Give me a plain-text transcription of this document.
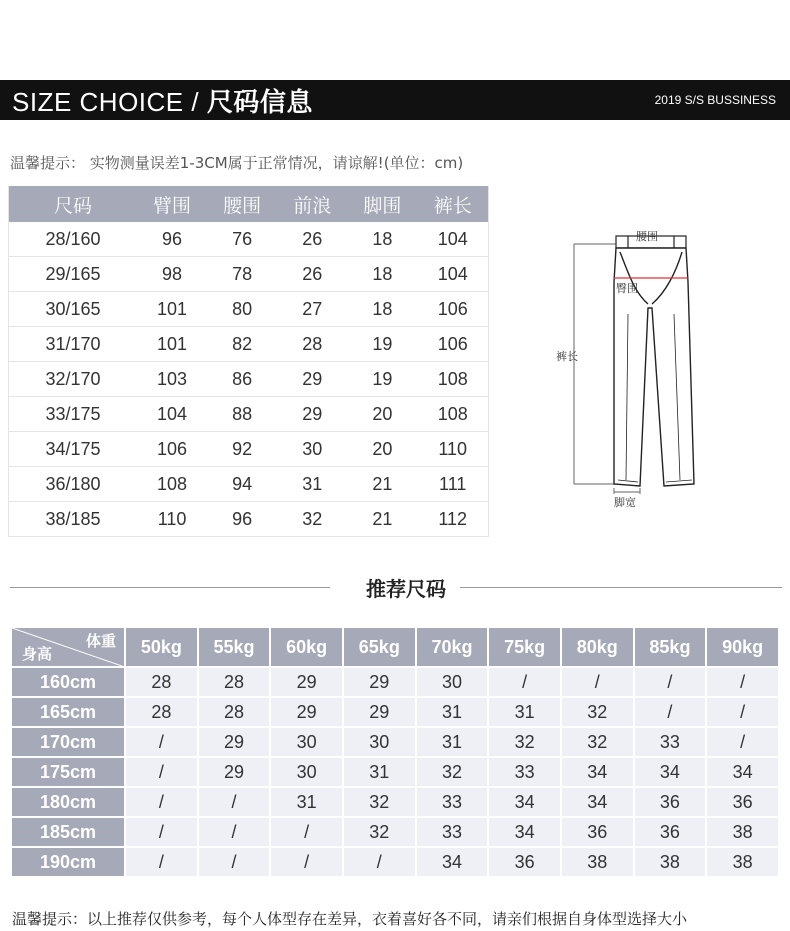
SIZE CHOICE / 尺码信息	2019 S/S BUSSINESS
温馨提示： 实物测量误差1-3CM属于正常情况，请谅解!(单位：cm)
尺码	臂围	腰围	前浪	脚围	裤长
28/160	96	76	26	18	104
29/165	98	78	26	18	104
30/165	101	80	27	18	106
31/170	101	82	28	19	106
32/170	103	86	29	19	108
33/175	104	88	29	20	108
34/175	106	92	30	20	110
36/180	108	94	31	21	111
38/185	110	96	32	21	112
腰围
臀围
裤长
脚宽
推荐尺码
体重
身高	50kg	55kg	60kg	65kg	70kg	75kg	80kg	85kg	90kg
160cm	28	28	29	29	30	/	/	/	/
165cm	28	28	29	29	31	31	32	/	/
170cm	/	29	30	30	31	32	32	33	/
175cm	/	29	30	31	32	33	34	34	34
180cm	/	/	31	32	33	34	34	36	36
185cm	/	/	/	32	33	34	36	36	38
190cm	/	/	/	/	34	36	38	38	38
温馨提示：以上推荐仅供参考，每个人体型存在差异，衣着喜好各不同，请亲们根据自身体型选择大小
